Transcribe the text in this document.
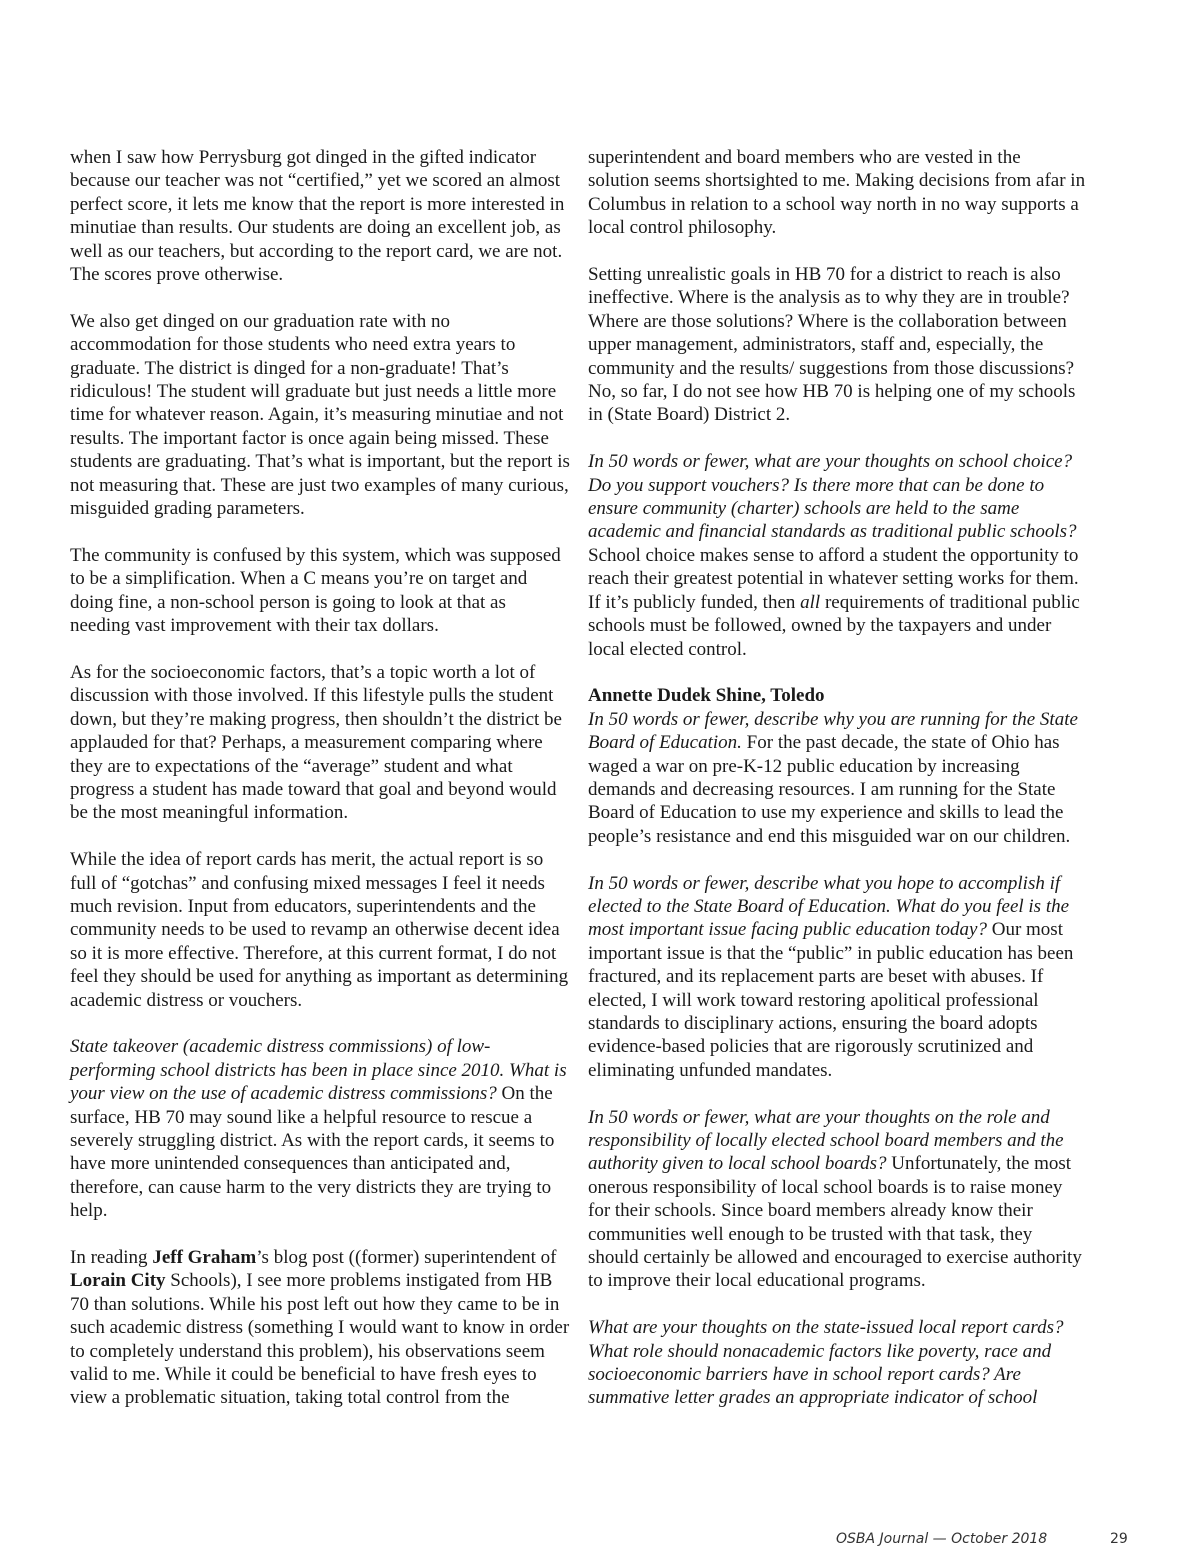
when I saw how Perrysburg got dinged in the gifted indicator because our teacher was not “certified,” yet we scored an almost perfect score, it lets me know that the report is more interested in minutiae than results. Our students are doing an excellent job, as well as our teachers, but according to the report card, we are not. The scores prove otherwise.

We also get dinged on our graduation rate with no accommodation for those students who need extra years to graduate. The district is dinged for a non-graduate! That’s ridiculous! The student will graduate but just needs a little more time for whatever reason. Again, it’s measuring minutiae and not results. The important factor is once again being missed. These students are graduating. That’s what is important, but the report is not measuring that. These are just two examples of many curious, misguided grading parameters.

The community is confused by this system, which was supposed to be a simplification. When a C means you’re on target and doing fine, a non-school person is going to look at that as needing vast improvement with their tax dollars.

As for the socioeconomic factors, that’s a topic worth a lot of discussion with those involved. If this lifestyle pulls the student down, but they’re making progress, then shouldn’t the district be applauded for that? Perhaps, a measurement comparing where they are to expectations of the “average” student and what progress a student has made toward that goal and beyond would be the most meaningful information.

While the idea of report cards has merit, the actual report is so full of “gotchas” and confusing mixed messages I feel it needs much revision. Input from educators, superintendents and the community needs to be used to revamp an otherwise decent idea so it is more effective. Therefore, at this current format, I do not feel they should be used for anything as important as determining academic distress or vouchers.

State takeover (academic distress commissions) of low-performing school districts has been in place since 2010. What is your view on the use of academic distress commissions? On the surface, HB 70 may sound like a helpful resource to rescue a severely struggling district. As with the report cards, it seems to have more unintended consequences than anticipated and, therefore, can cause harm to the very districts they are trying to help.

In reading Jeff Graham’s blog post ((former) superintendent of Lorain City Schools), I see more problems instigated from HB 70 than solutions. While his post left out how they came to be in such academic distress (something I would want to know in order to completely understand this problem), his observations seem valid to me. While it could be beneficial to have fresh eyes to view a problematic situation, taking total control from the

superintendent and board members who are vested in the solution seems shortsighted to me. Making decisions from afar in Columbus in relation to a school way north in no way supports a local control philosophy.

Setting unrealistic goals in HB 70 for a district to reach is also ineffective. Where is the analysis as to why they are in trouble? Where are those solutions? Where is the collaboration between upper management, administrators, staff and, especially, the community and the results/ suggestions from those discussions? No, so far, I do not see how HB 70 is helping one of my schools in (State Board) District 2.

In 50 words or fewer, what are your thoughts on school choice? Do you support vouchers? Is there more that can be done to ensure community (charter) schools are held to the same academic and financial standards as traditional public schools? School choice makes sense to afford a student the opportunity to reach their greatest potential in whatever setting works for them. If it’s publicly funded, then all requirements of traditional public schools must be followed, owned by the taxpayers and under local elected control.

Annette Dudek Shine, Toledo
In 50 words or fewer, describe why you are running for the State Board of Education. For the past decade, the state of Ohio has waged a war on pre-K-12 public education by increasing demands and decreasing resources. I am running for the State Board of Education to use my experience and skills to lead the people’s resistance and end this misguided war on our children.

In 50 words or fewer, describe what you hope to accomplish if elected to the State Board of Education. What do you feel is the most important issue facing public education today? Our most important issue is that the “public” in public education has been fractured, and its replacement parts are beset with abuses. If elected, I will work toward restoring apolitical professional standards to disciplinary actions, ensuring the board adopts evidence-based policies that are rigorously scrutinized and eliminating unfunded mandates.

In 50 words or fewer, what are your thoughts on the role and responsibility of locally elected school board members and the authority given to local school boards? Unfortunately, the most onerous responsibility of local school boards is to raise money for their schools. Since board members already know their communities well enough to be trusted with that task, they should certainly be allowed and encouraged to exercise authority to improve their local educational programs.

What are your thoughts on the state-issued local report cards? What role should nonacademic factors like poverty, race and socioeconomic barriers have in school report cards? Are summative letter grades an appropriate indicator of school

OSBA Journal — October 2018	29
